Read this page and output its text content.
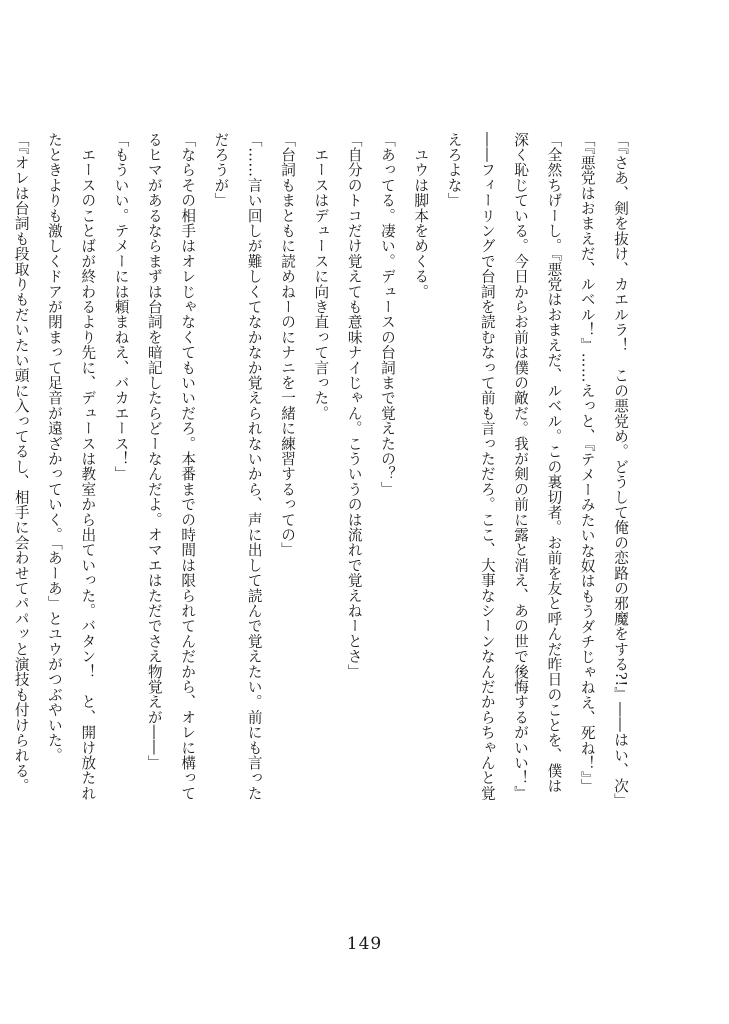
「『さあ、剣を抜け、カエルラ！　この悪党め。どうして俺の恋路の邪魔をする?!』――はい、次」
「『悪党はおまえだ、ルベル！』……えっと、『テメーみたいな奴はもうダチじゃねえ、死ね！』」
「全然ちげーし。『悪党はおまえだ、ルベル。この裏切者。お前を友と呼んだ昨日のことを、僕は
深く恥じている。今日からお前は僕の敵だ。我が剣の前に露と消え、あの世で後悔するがいい！』
――フィーリングで台詞を読むなって前も言っただろ。ここ、大事なシーンなんだからちゃんと覚
えろよな」
　ユウは脚本をめくる。
「あってる。凄い。デュースの台詞まで覚えたの？」
「自分のトコだけ覚えても意味ナイじゃん。こういうのは流れで覚えねーとさ」
　エースはデュースに向き直って言った。
「台詞もまともに読めねーのにナニを一緒に練習するっての」
「……言い回しが難しくてなかなか覚えられないから、声に出して読んで覚えたい。前にも言った
だろうが」
「ならその相手はオレじゃなくてもいいだろ。本番までの時間は限られてんだから、オレに構って
るヒマがあるならまずは台詞を暗記したらどーなんだよ。オマエはただでさえ物覚えが――」
「もういい。テメーには頼まねえ、バカエース！」
　エースのことばが終わるより先に、デュースは教室から出ていった。バタン！　と、開け放たれ
たときよりも激しくドアが閉まって足音が遠ざかっていく。「あーあ」とユウがつぶやいた。
「『オレは台詞も段取りもだいたい頭に入ってるし、相手に会わせてパパッと演技も付けられる。
149
